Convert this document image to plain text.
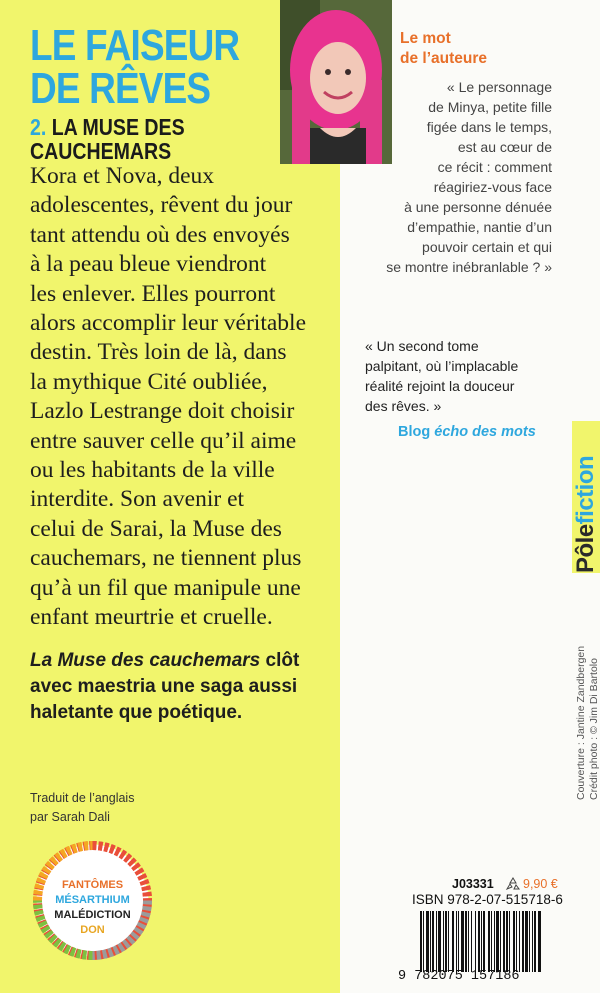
LE FAISEUR
DE RÊVES
2. LA MUSE DES
CAUCHEMARS
Kora et Nova, deux
adolescentes, rêvent du jour
tant attendu où des envoyés
à la peau bleue viendront
les enlever. Elles pourront
alors accomplir leur véritable
destin. Très loin de là, dans
la mythique Cité oubliée,
Lazlo Lestrange doit choisir
entre sauver celle qu’il aime
ou les habitants de la ville
interdite. Son avenir et
celui de Sarai, la Muse des
cauchemars, ne tiennent plus
qu’à un fil que manipule une
enfant meurtrie et cruelle.
La Muse des cauchemars clôt
avec maestria une saga aussi
haletante que poétique.
Traduit de l’anglais
par Sarah Dali
FANTÔMES
MÉSARTHIUM
MALÉDICTION
DON
Le mot
de l’auteure
« Le personnage
de Minya, petite fille
figée dans le temps,
est au cœur de
ce récit : comment
réagiriez-vous face
à une personne dénuée
d’empathie, nantie d’un
pouvoir certain et qui
se montre inébranlable ? »
« Un second tome
palpitant, où l’implacable
réalité rejoint la douceur
des rêves. »
Blog écho des mots
Pôlefiction
Couverture : Jantine Zandbergen Crédit photo : © Jim Di Bartolo
J03331 9,90 €
ISBN 978-2-07-515718-6
9 782075 157186
